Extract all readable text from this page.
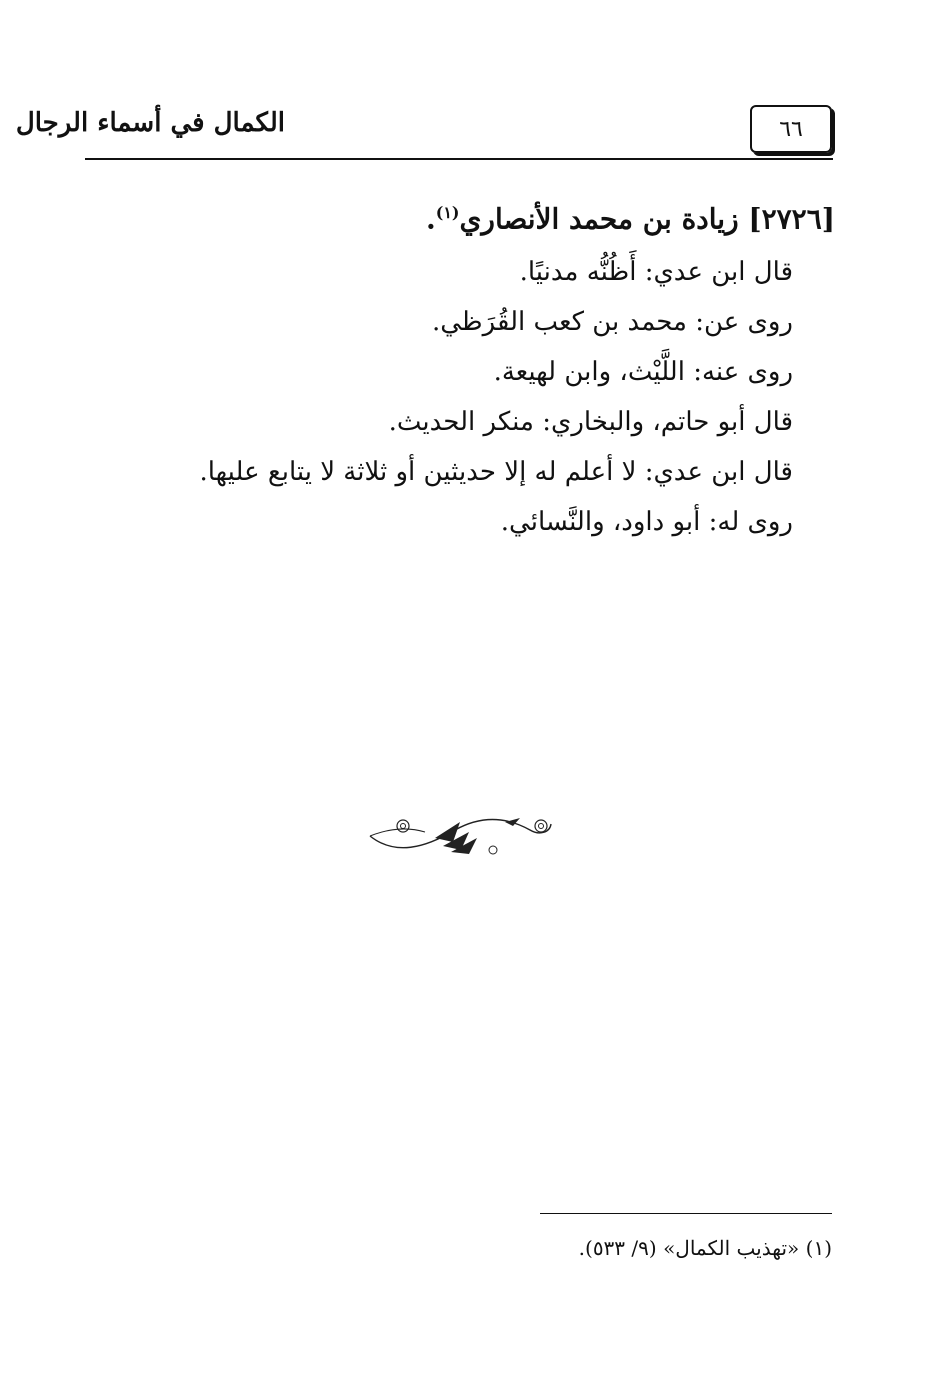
٦٦
الكمال في أسماء الرجال

[٢٧٢٦] زيادة بن محمد الأنصاري$^{(١)}$.

قال ابن عدي: أَظُنُّه مدنيًا.

روى عن: محمد بن كعب القُرَظي.

روى عنه: اللَّيْث، وابن لهيعة.

قال أبو حاتم، والبخاري: منكر الحديث.

قال ابن عدي: لا أعلم له إلا حديثين أو ثلاثة لا يتابع عليها.

روى له: أبو داود، والنَّسائي.

(١) «تهذيب الكمال» (٩/ ٥٣٣).
